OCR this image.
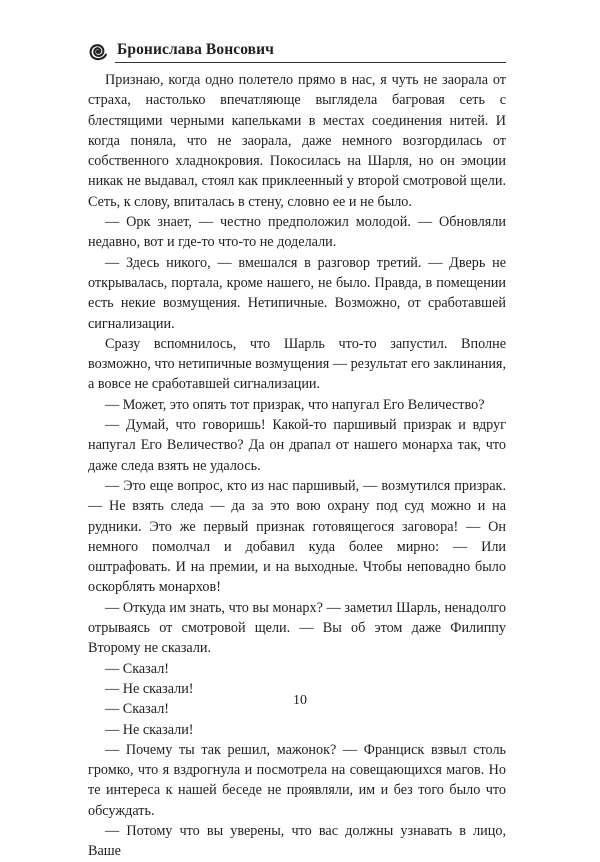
Бронислава Вонсович

Признаю, когда одно полетело прямо в нас, я чуть не заорала от страха, настолько впечатляюще выглядела багровая сеть с блестящими черными капельками в местах соединения нитей. И когда поняла, что не заорала, даже немного возгордилась от собственного хладнокровия. Покосилась на Шарля, но он эмоции никак не выдавал, стоял как приклеенный у второй смотровой щели. Сеть, к слову, впиталась в стену, словно ее и не было.

— Орк знает, — честно предположил молодой. — Обновляли недавно, вот и где-то что-то не доделали.

— Здесь никого, — вмешался в разговор третий. — Дверь не открывалась, портала, кроме нашего, не было. Правда, в помещении есть некие возмущения. Нетипичные. Возможно, от сработавшей сигнализации.

Сразу вспомнилось, что Шарль что-то запустил. Вполне возможно, что нетипичные возмущения — результат его заклинания, а вовсе не сработавшей сигнализации.

— Может, это опять тот призрак, что напугал Его Величество?

— Думай, что говоришь! Какой-то паршивый призрак и вдруг напугал Его Величество? Да он драпал от нашего монарха так, что даже следа взять не удалось.

— Это еще вопрос, кто из нас паршивый, — возмутился призрак. — Не взять следа — да за это вою охрану под суд можно и на рудники. Это же первый признак готовящегося заговора! — Он немного помолчал и добавил куда более мирно: — Или оштрафовать. И на премии, и на выходные. Чтобы неповадно было оскорблять монархов!

— Откуда им знать, что вы монарх? — заметил Шарль, ненадолго отрываясь от смотровой щели. — Вы об этом даже Филиппу Второму не сказали.

— Сказал!

— Не сказали!

— Сказал!

— Не сказали!

— Почему ты так решил, мажонок? — Франциск взвыл столь громко, что я вздрогнула и посмотрела на совещающихся магов. Но те интереса к нашей беседе не проявляли, им и без того было что обсуждать.

— Потому что вы уверены, что вас должны узнавать в лицо, Ваше

10
